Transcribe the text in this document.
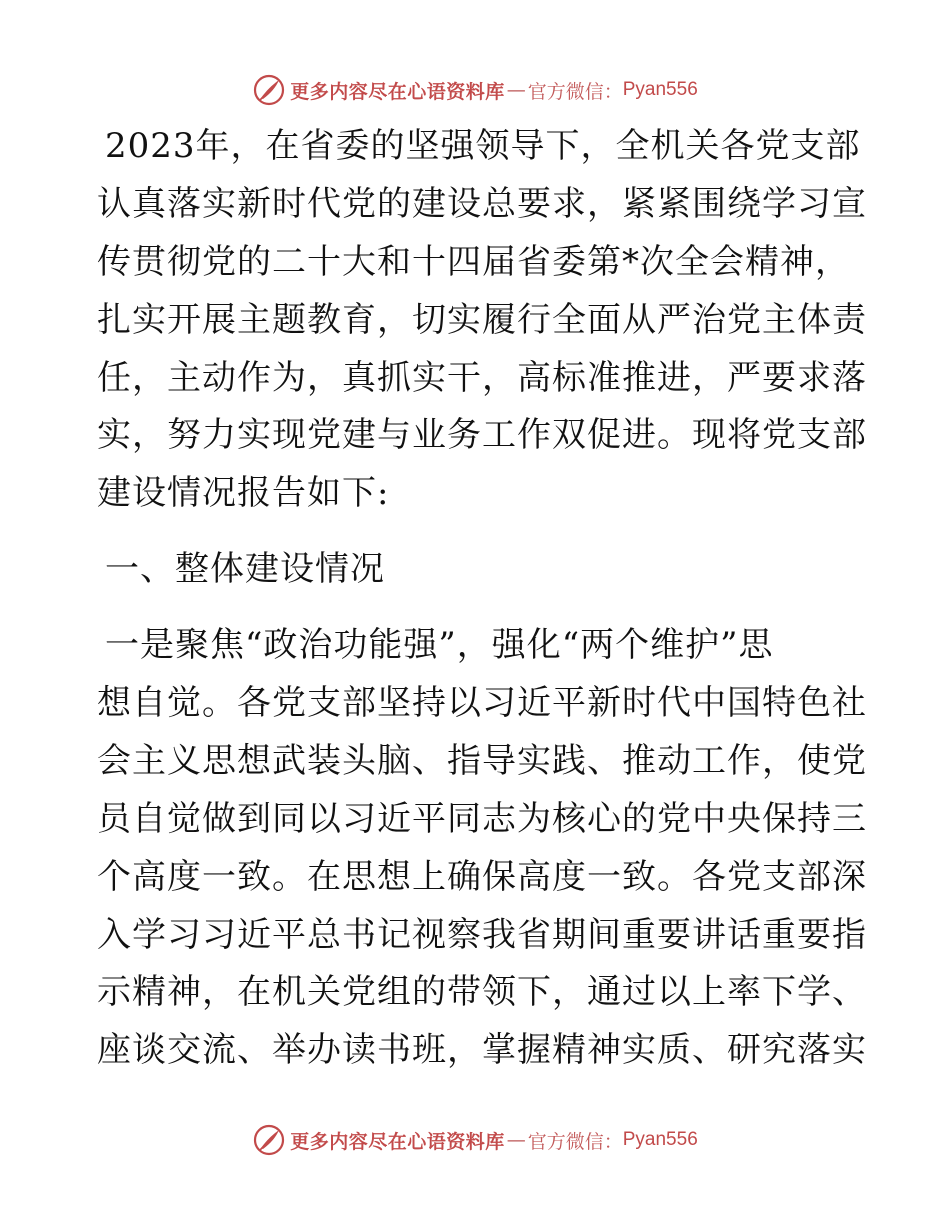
更多内容尽在心语资料库 — 官方微信： Pyan556
2023年，在省委的坚强领导下，全机关各党支部
认真落实新时代党的建设总要求，紧紧围绕学习宣
传贯彻党的二十大和十四届省委第*次全会精神，
扎实开展主题教育，切实履行全面从严治党主体责
任，主动作为，真抓实干，高标准推进，严要求落
实，努力实现党建与业务工作双促进。现将党支部
建设情况报告如下:
一、整体建设情况
一是聚焦“政治功能强”，强化“两个维护”思
想自觉。各党支部坚持以习近平新时代中国特色社
会主义思想武装头脑、指导实践、推动工作，使党
员自觉做到同以习近平同志为核心的党中央保持三
个高度一致。在思想上确保高度一致。各党支部深
入学习习近平总书记视察我省期间重要讲话重要指
示精神，在机关党组的带领下，通过以上率下学、
座谈交流、举办读书班，掌握精神实质、研究落实
更多内容尽在心语资料库 — 官方微信： Pyan556
